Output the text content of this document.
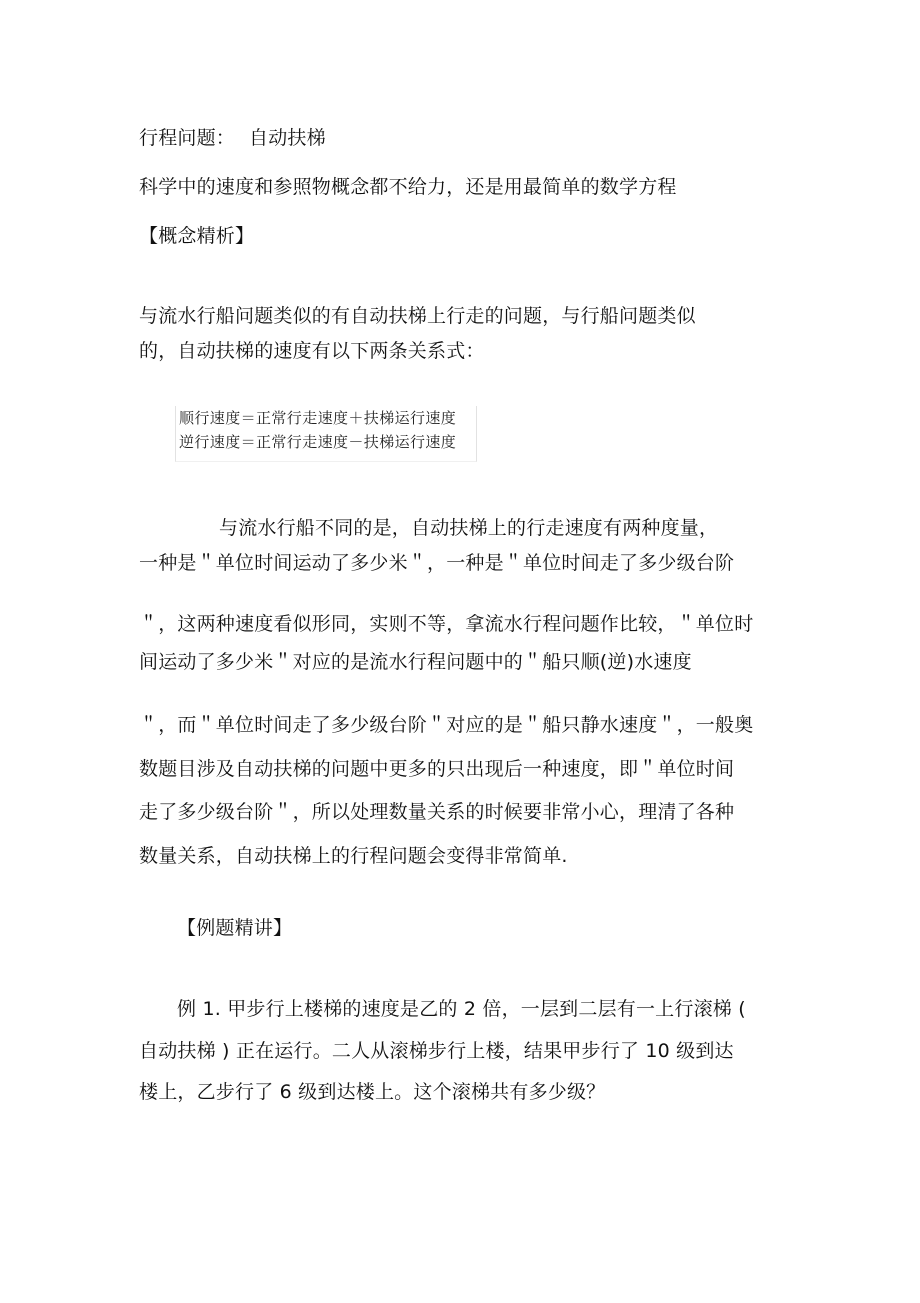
行程问题： 自动扶梯
科学中的速度和参照物概念都不给力，还是用最简单的数学方程
【概念精析】
与流水行船问题类似的有自动扶梯上行走的问题，与行船问题类似
的，自动扶梯的速度有以下两条关系式：
顺行速度＝正常行走速度＋扶梯运行速度
逆行速度＝正常行走速度－扶梯运行速度
与流水行船不同的是，自动扶梯上的行走速度有两种度量，
一种是＂单位时间运动了多少米＂，一种是＂单位时间走了多少级台阶
＂，这两种速度看似形同，实则不等，拿流水行程问题作比较，＂单位时
间运动了多少米＂对应的是流水行程问题中的＂船只顺(逆)水速度
＂，而＂单位时间走了多少级台阶＂对应的是＂船只静水速度＂，一般奥
数题目涉及自动扶梯的问题中更多的只出现后一种速度，即＂单位时间
走了多少级台阶＂，所以处理数量关系的时候要非常小心，理清了各种
数量关系，自动扶梯上的行程问题会变得非常简单.
【例题精讲】
例 1. 甲步行上楼梯的速度是乙的 2 倍，一层到二层有一上行滚梯 (
自动扶梯 ) 正在运行。二人从滚梯步行上楼，结果甲步行了 10 级到达
楼上，乙步行了 6 级到达楼上。这个滚梯共有多少级？
